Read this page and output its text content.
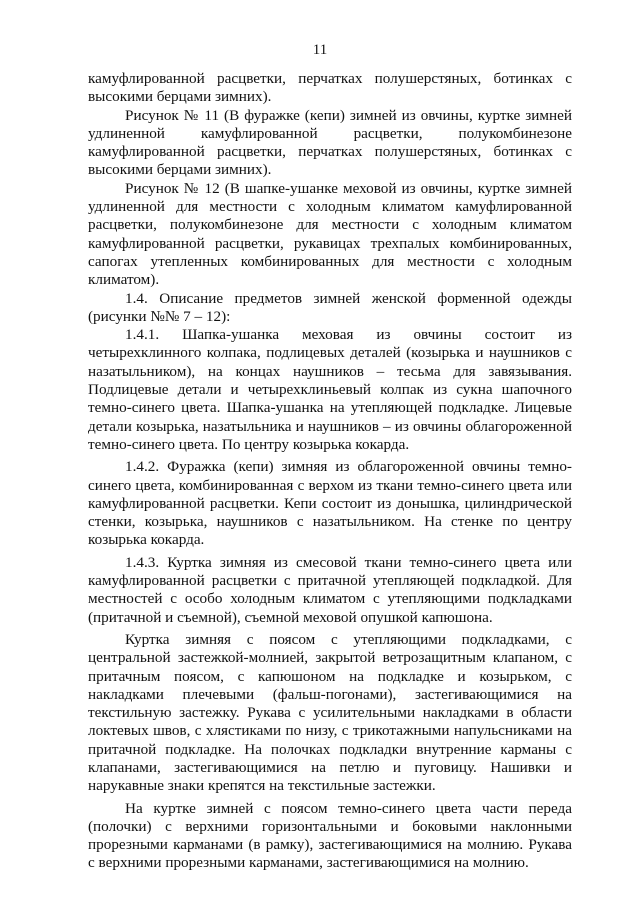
11

камуфлированной расцветки, перчатках полушерстяных, ботинках с высокими берцами зимних).

Рисунок № 11 (В фуражке (кепи) зимней из овчины, куртке зимней удлиненной камуфлированной расцветки, полукомбинезоне камуфлированной расцветки, перчатках полушерстяных, ботинках с высокими берцами зимних).

Рисунок № 12 (В шапке-ушанке меховой из овчины, куртке зимней удлиненной для местности с холодным климатом камуфлированной расцветки, полукомбинезоне для местности с холодным климатом камуфлированной расцветки, рукавицах трехпалых комбинированных, сапогах утепленных комбинированных для местности с холодным климатом).

1.4. Описание предметов зимней женской форменной одежды (рисунки №№ 7 – 12):

1.4.1. Шапка-ушанка меховая из овчины состоит из четырехклинного колпака, подлицевых деталей (козырька и наушников с назатыльником), на концах наушников – тесьма для завязывания. Подлицевые детали и четырехклиньевый колпак из сукна шапочного темно-синего цвета. Шапка-ушанка на утепляющей подкладке. Лицевые детали козырька, назатыльника и наушников – из овчины облагороженной темно-синего цвета. По центру козырька кокарда.

1.4.2. Фуражка (кепи) зимняя из облагороженной овчины темно-синего цвета, комбинированная с верхом из ткани темно-синего цвета или камуфлированной расцветки. Кепи состоит из донышка, цилиндрической стенки, козырька, наушников с назатыльником. На стенке по центру козырька кокарда.

1.4.3. Куртка зимняя из смесовой ткани темно-синего цвета или камуфлированной расцветки с притачной утепляющей подкладкой. Для местностей с особо холодным климатом с утепляющими подкладками (притачной и съемной), съемной меховой опушкой капюшона.

Куртка зимняя с поясом с утепляющими подкладками, с центральной застежкой-молнией, закрытой ветрозащитным клапаном, с притачным поясом, с капюшоном на подкладке и козырьком, с накладками плечевыми (фальш-погонами), застегивающимися на текстильную застежку. Рукава с усилительными накладками в области локтевых швов, с хлястиками по низу, с трикотажными напульсниками на притачной подкладке. На полочках подкладки внутренние карманы с клапанами, застегивающимися на петлю и пуговицу. Нашивки и нарукавные знаки крепятся на текстильные застежки.

На куртке зимней с поясом темно-синего цвета части переда (полочки) с верхними горизонтальными и боковыми наклонными прорезными карманами (в рамку), застегивающимися на молнию. Рукава с верхними прорезными карманами, застегивающимися на молнию.
